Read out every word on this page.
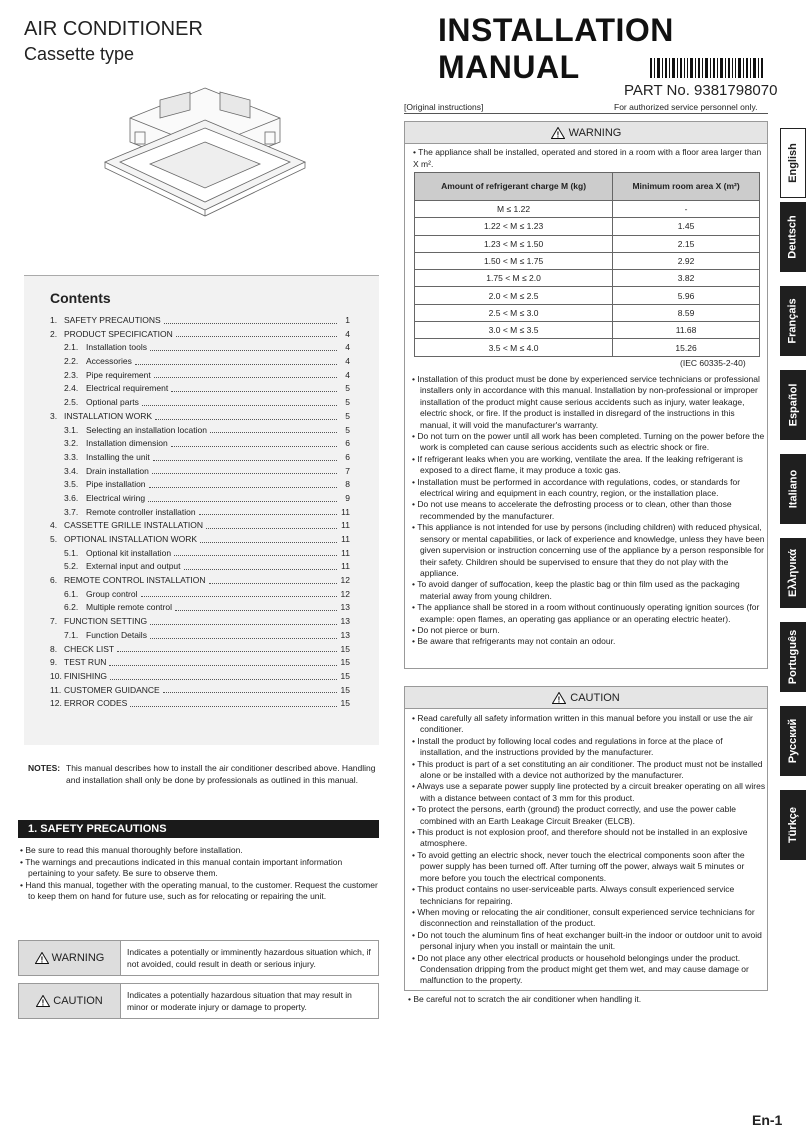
AIR CONDITIONER
Cassette type
INSTALLATION MANUAL
PART No. 9381798070
[Original instructions]	For authorized service personnel only.
Contents
1. SAFETY PRECAUTIONS	1
2. PRODUCT SPECIFICATION	4
2.1. Installation tools	4
2.2. Accessories	4
2.3. Pipe requirement	4
2.4. Electrical requirement	5
2.5. Optional parts	5
3. INSTALLATION WORK	5
3.1. Selecting an installation location	5
3.2. Installation dimension	6
3.3. Installing the unit	6
3.4. Drain installation	7
3.5. Pipe installation	8
3.6. Electrical wiring	9
3.7. Remote controller installation	11
4. CASSETTE GRILLE INSTALLATION	11
5. OPTIONAL INSTALLATION WORK	11
5.1. Optional kit installation	11
5.2. External input and output	11
6. REMOTE CONTROL INSTALLATION	12
6.1. Group control	12
6.2. Multiple remote control	13
7. FUNCTION SETTING	13
7.1. Function Details	13
8. CHECK LIST	15
9. TEST RUN	15
10. FINISHING	15
11. CUSTOMER GUIDANCE	15
12. ERROR CODES	15
NOTES: This manual describes how to install the air conditioner described above. Handling and installation shall only be done by professionals as outlined in this manual.
1. SAFETY PRECAUTIONS
• Be sure to read this manual thoroughly before installation.
• The warnings and precautions indicated in this manual contain important information pertaining to your safety. Be sure to observe them.
• Hand this manual, together with the operating manual, to the customer. Request the customer to keep them on hand for future use, such as for relocating or repairing the unit.
! WARNING	Indicates a potentially or imminently hazardous situation which, if not avoided, could result in death or serious injury.
! CAUTION	Indicates a potentially hazardous situation that may result in minor or moderate injury or damage to property.
! WARNING
• The appliance shall be installed, operated and stored in a room with a floor area larger than X m².
Amount of refrigerant charge M (kg)	Minimum room area X (m²)
M ≤ 1.22	-
1.22 < M ≤ 1.23	1.45
1.23 < M ≤ 1.50	2.15
1.50 < M ≤ 1.75	2.92
1.75 < M ≤ 2.0	3.82
2.0 < M ≤ 2.5	5.96
2.5 < M ≤ 3.0	8.59
3.0 < M ≤ 3.5	11.68
3.5 < M ≤ 4.0	15.26
(IEC 60335-2-40)
• Installation of this product must be done by experienced service technicians or professional installers only in accordance with this manual. Installation by non-professional or improper installation of the product might cause serious accidents such as injury, water leakage, electric shock, or fire. If the product is installed in disregard of the instructions in this manual, it will void the manufacturer's warranty.
• Do not turn on the power until all work has been completed. Turning on the power before the work is completed can cause serious accidents such as electric shock or fire.
• If refrigerant leaks when you are working, ventilate the area. If the leaking refrigerant is exposed to a direct flame, it may produce a toxic gas.
• Installation must be performed in accordance with regulations, codes, or standards for electrical wiring and equipment in each country, region, or the installation place.
• Do not use means to accelerate the defrosting process or to clean, other than those recommended by the manufacturer.
• This appliance is not intended for use by persons (including children) with reduced physical, sensory or mental capabilities, or lack of experience and knowledge, unless they have been given supervision or instruction concerning use of the appliance by a person responsible for their safety. Children should be supervised to ensure that they do not play with the appliance.
• To avoid danger of suffocation, keep the plastic bag or thin film used as the packaging material away from young children.
• The appliance shall be stored in a room without continuously operating ignition sources (for example: open flames, an operating gas appliance or an operating electric heater).
• Do not pierce or burn.
• Be aware that refrigerants may not contain an odour.
! CAUTION
• Read carefully all safety information written in this manual before you install or use the air conditioner.
• Install the product by following local codes and regulations in force at the place of installation, and the instructions provided by the manufacturer.
• This product is part of a set constituting an air conditioner. The product must not be installed alone or be installed with a device not authorized by the manufacturer.
• Always use a separate power supply line protected by a circuit breaker operating on all wires with a distance between contact of 3 mm for this product.
• To protect the persons, earth (ground) the product correctly, and use the power cable combined with an Earth Leakage Circuit Breaker (ELCB).
• This product is not explosion proof, and therefore should not be installed in an explosive atmosphere.
• To avoid getting an electric shock, never touch the electrical components soon after the power supply has been turned off. After turning off the power, always wait 5 minutes or more before you touch the electrical components.
• This product contains no user-serviceable parts. Always consult experienced service technicians for repairing.
• When moving or relocating the air conditioner, consult experienced service technicians for disconnection and reinstallation of the product.
• Do not touch the aluminum fins of heat exchanger built-in the indoor or outdoor unit to avoid personal injury when you install or maintain the unit.
• Do not place any other electrical products or household belongings under the product. Condensation dripping from the product might get them wet, and may cause damage or malfunction to the property.
• Be careful not to scratch the air conditioner when handling it.
English
Deutsch
Français
Español
Italiano
Ελληνικά
Português
Русский
Türkçe
En-1
